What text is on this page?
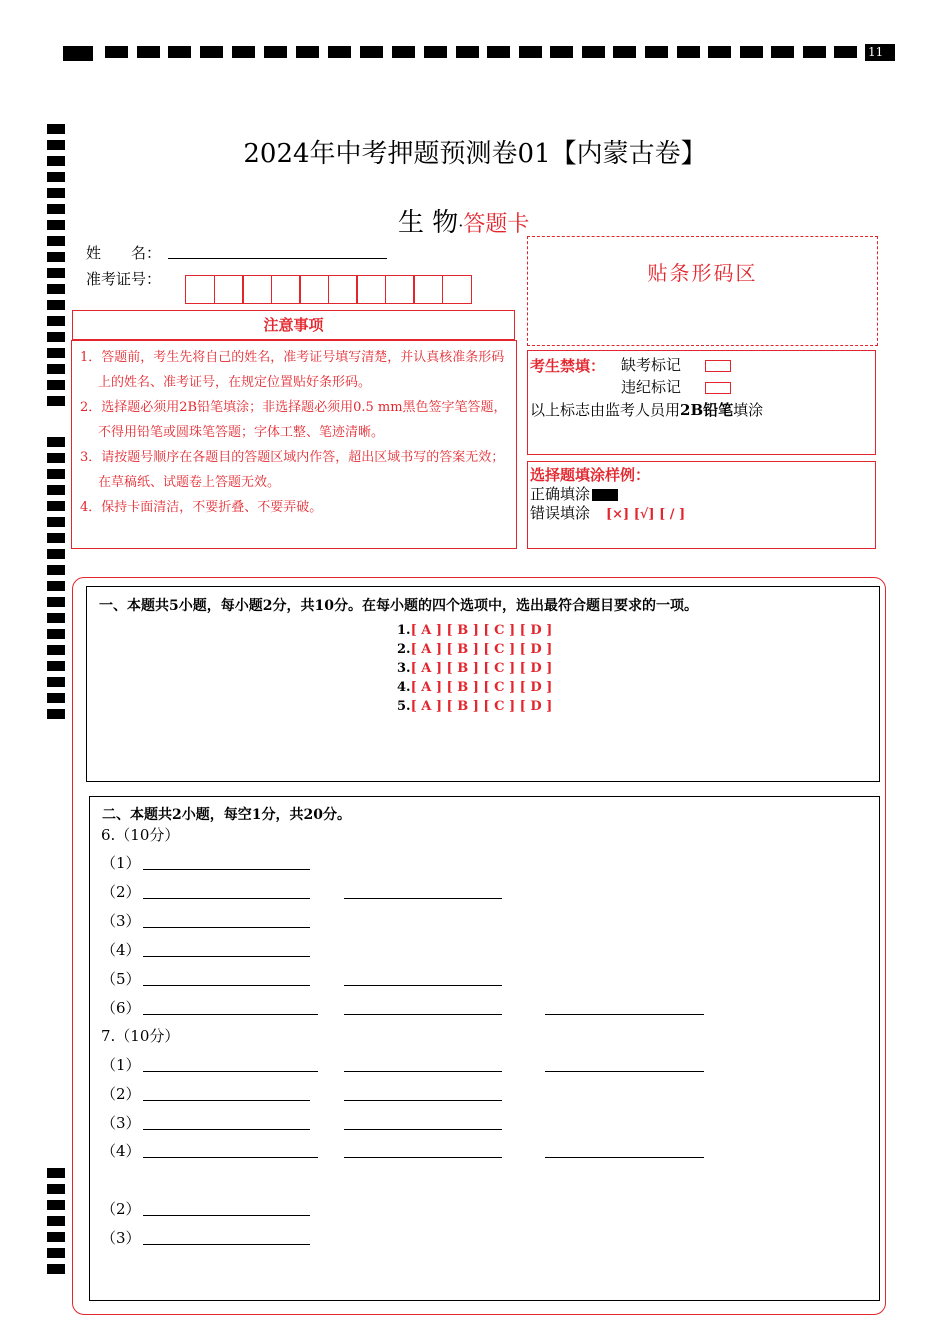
11
2024年中考押题预测卷01【内蒙古卷】
生 物·答题卡
姓　　名：
准考证号：
注意事项

1．答题前，考生先将自己的姓名，准考证号填写清楚，并认真核准条形码上的姓名、准考证号，在规定位置贴好条形码。

2．选择题必须用2B铅笔填涂；非选择题必须用0.5 mm黑色签字笔答题，不得用铅笔或圆珠笔答题；字体工整、笔迹清晰。

3．请按题号顺序在各题目的答题区域内作答，超出区域书写的答案无效；在草稿纸、试题卷上答题无效。

4．保持卡面清洁，不要折叠、不要弄破。

贴条形码区
考生禁填： 缺考标记
违纪标记
以上标志由监考人员用2B铅笔填涂
选择题填涂样例：
正确填涂
错误填涂 [×] [√] [ / ]
一、本题共5小题，每小题2分，共10分。在每小题的四个选项中，选出最符合题目要求的一项。
1.[ A ] [ B ] [ C ] [ D ]
2.[ A ] [ B ] [ C ] [ D ]
3.[ A ] [ B ] [ C ] [ D ]
4.[ A ] [ B ] [ C ] [ D ]
5.[ A ] [ B ] [ C ] [ D ]
二、本题共2小题，每空1分，共20分。
6.（10分）
（1）
（2）
（3）
（4）
（5）
（6）
7.（10分）
（1）
（2）
（3）
（4）
（2）
（3）
